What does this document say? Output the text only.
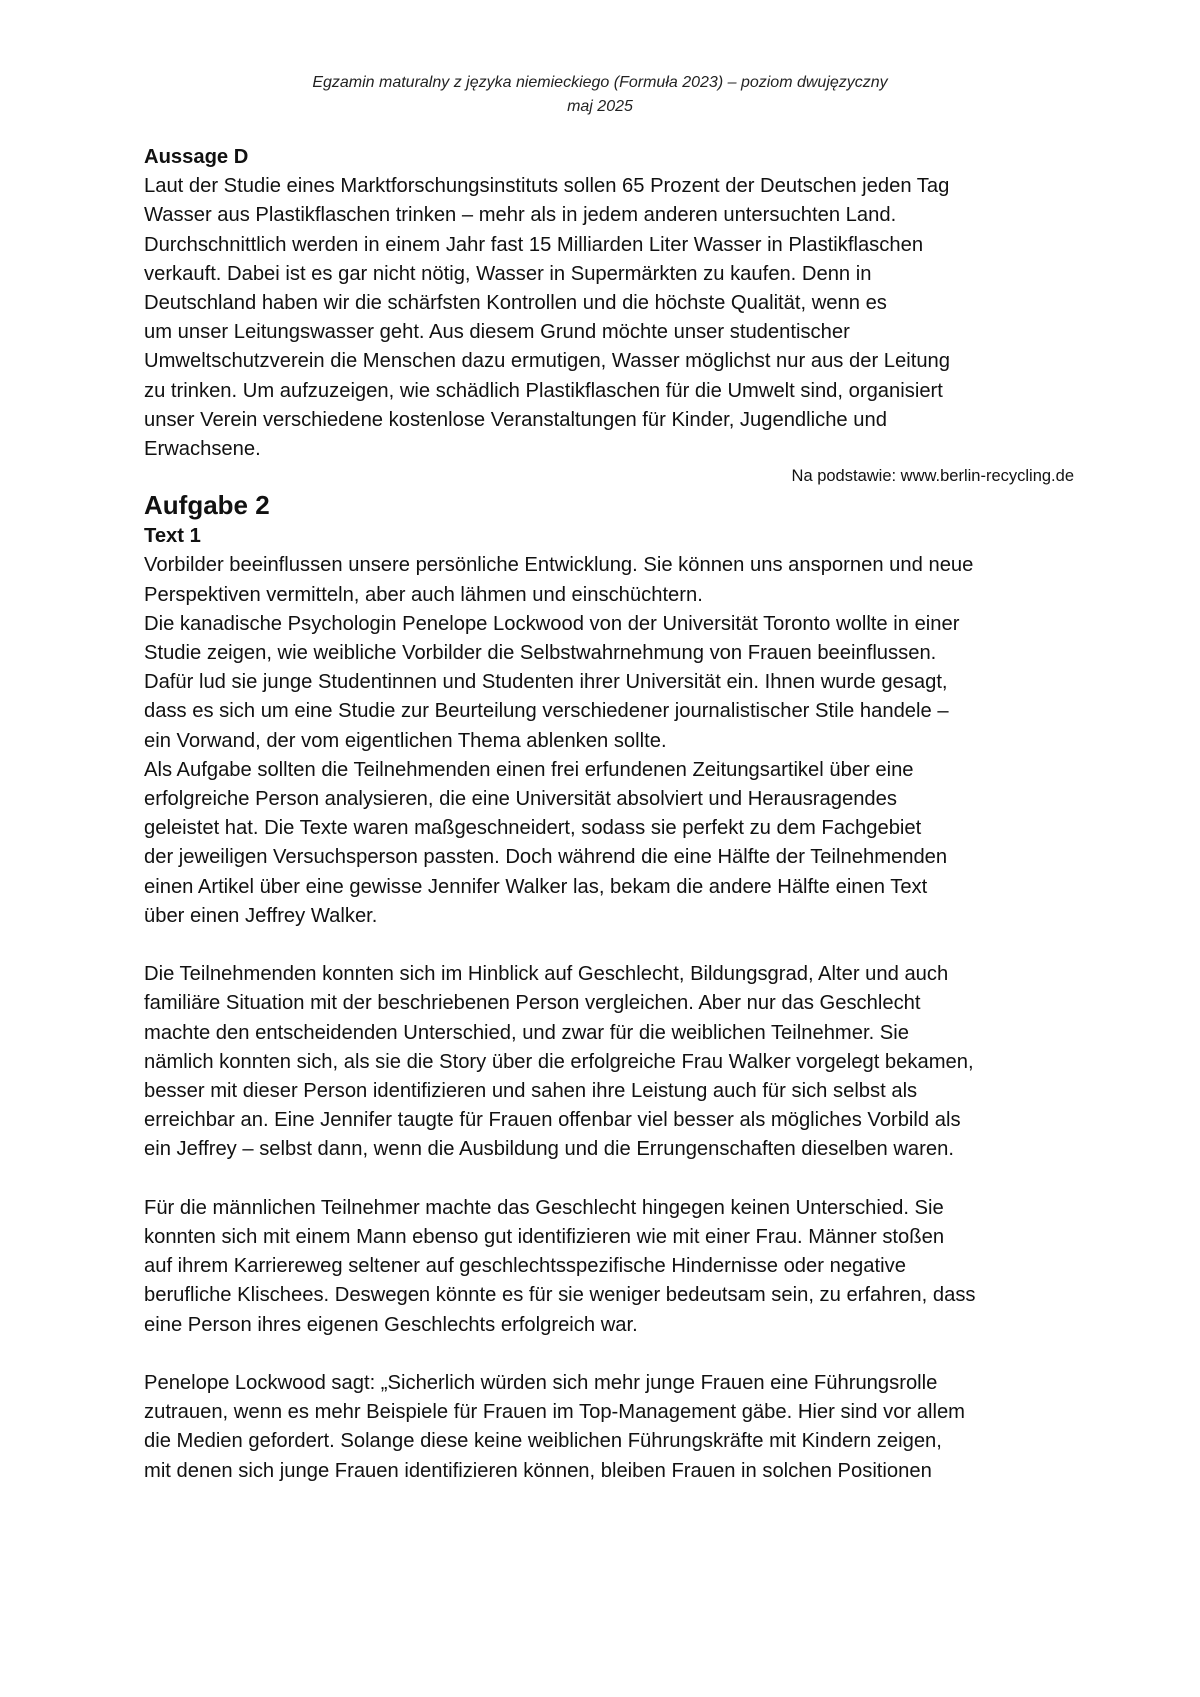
Egzamin maturalny z języka niemieckiego (Formuła 2023) – poziom dwujęzyczny
maj 2025

Aussage D

Laut der Studie eines Marktforschungsinstituts sollen 65 Prozent der Deutschen jeden Tag
Wasser aus Plastikflaschen trinken – mehr als in jedem anderen untersuchten Land.
Durchschnittlich werden in einem Jahr fast 15 Milliarden Liter Wasser in Plastikflaschen
verkauft. Dabei ist es gar nicht nötig, Wasser in Supermärkten zu kaufen. Denn in
Deutschland haben wir die schärfsten Kontrollen und die höchste Qualität, wenn es
um unser Leitungswasser geht. Aus diesem Grund möchte unser studentischer
Umweltschutzverein die Menschen dazu ermutigen, Wasser möglichst nur aus der Leitung
zu trinken. Um aufzuzeigen, wie schädlich Plastikflaschen für die Umwelt sind, organisiert
unser Verein verschiedene kostenlose Veranstaltungen für Kinder, Jugendliche und
Erwachsene.

Na podstawie: www.berlin-recycling.de

Aufgabe 2

Text 1

Vorbilder beeinflussen unsere persönliche Entwicklung. Sie können uns anspornen und neue
Perspektiven vermitteln, aber auch lähmen und einschüchtern.
Die kanadische Psychologin Penelope Lockwood von der Universität Toronto wollte in einer
Studie zeigen, wie weibliche Vorbilder die Selbstwahrnehmung von Frauen beeinflussen.
Dafür lud sie junge Studentinnen und Studenten ihrer Universität ein. Ihnen wurde gesagt,
dass es sich um eine Studie zur Beurteilung verschiedener journalistischer Stile handele –
ein Vorwand, der vom eigentlichen Thema ablenken sollte.
Als Aufgabe sollten die Teilnehmenden einen frei erfundenen Zeitungsartikel über eine
erfolgreiche Person analysieren, die eine Universität absolviert und Herausragendes
geleistet hat. Die Texte waren maßgeschneidert, sodass sie perfekt zu dem Fachgebiet
der jeweiligen Versuchsperson passten. Doch während die eine Hälfte der Teilnehmenden
einen Artikel über eine gewisse Jennifer Walker las, bekam die andere Hälfte einen Text
über einen Jeffrey Walker.

Die Teilnehmenden konnten sich im Hinblick auf Geschlecht, Bildungsgrad, Alter und auch
familiäre Situation mit der beschriebenen Person vergleichen. Aber nur das Geschlecht
machte den entscheidenden Unterschied, und zwar für die weiblichen Teilnehmer. Sie
nämlich konnten sich, als sie die Story über die erfolgreiche Frau Walker vorgelegt bekamen,
besser mit dieser Person identifizieren und sahen ihre Leistung auch für sich selbst als
erreichbar an. Eine Jennifer taugte für Frauen offenbar viel besser als mögliches Vorbild als
ein Jeffrey – selbst dann, wenn die Ausbildung und die Errungenschaften dieselben waren.

Für die männlichen Teilnehmer machte das Geschlecht hingegen keinen Unterschied. Sie
konnten sich mit einem Mann ebenso gut identifizieren wie mit einer Frau. Männer stoßen
auf ihrem Karriereweg seltener auf geschlechtsspezifische Hindernisse oder negative
berufliche Klischees. Deswegen könnte es für sie weniger bedeutsam sein, zu erfahren, dass
eine Person ihres eigenen Geschlechts erfolgreich war.

Penelope Lockwood sagt: „Sicherlich würden sich mehr junge Frauen eine Führungsrolle
zutrauen, wenn es mehr Beispiele für Frauen im Top-Management gäbe. Hier sind vor allem
die Medien gefordert. Solange diese keine weiblichen Führungskräfte mit Kindern zeigen,
mit denen sich junge Frauen identifizieren können, bleiben Frauen in solchen Positionen
